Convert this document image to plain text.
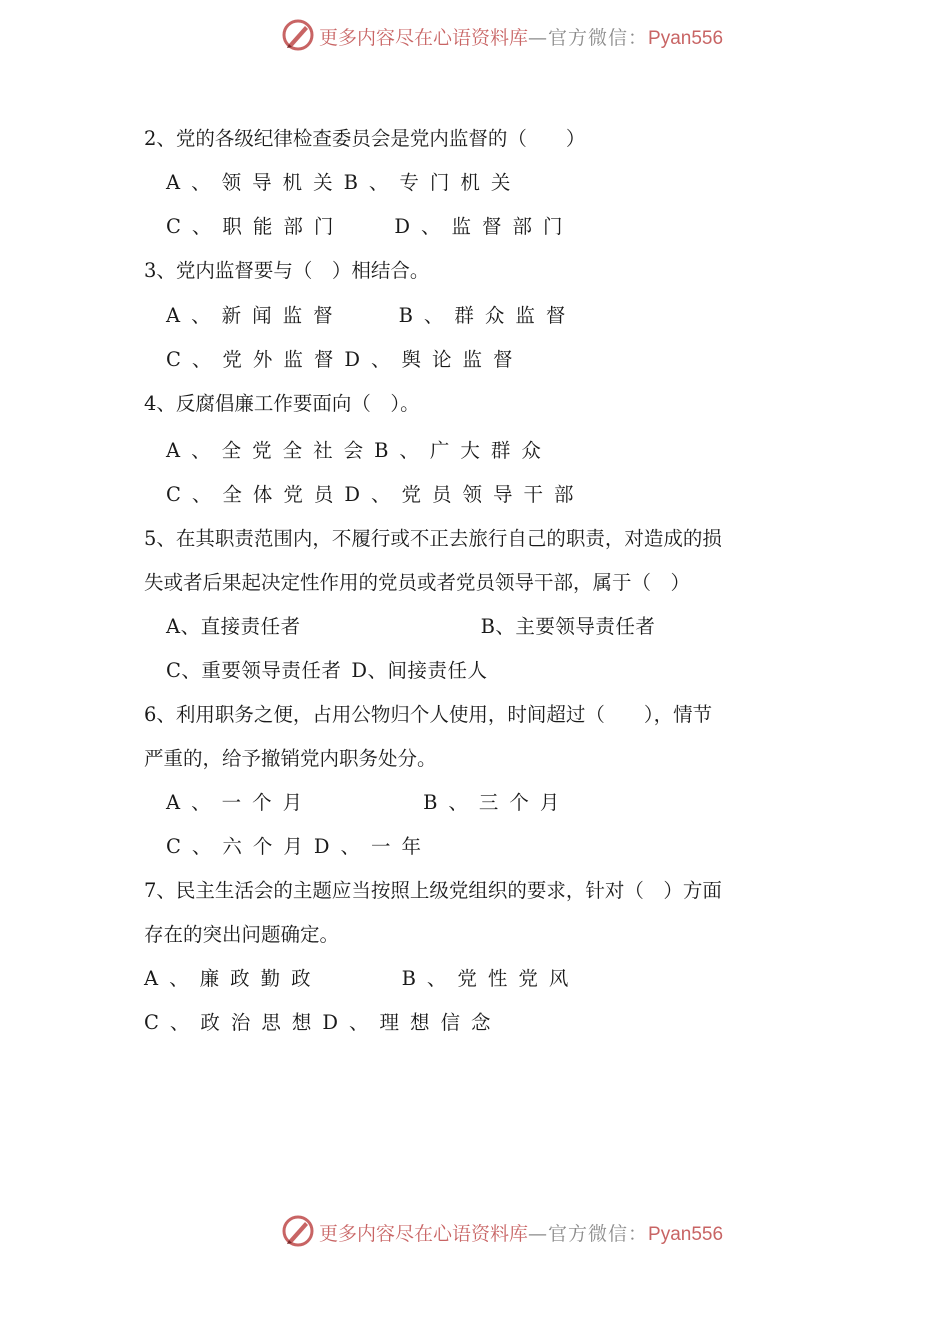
更多内容尽在心语资料库—官方微信：Pyan556
2、党的各级纪律检查委员会是党内监督的（　　）
A、领导机关B、专门机关
C、职能部门	D、监督部门
3、党内监督要与（　）相结合。
A、新闻监督	B、群众监督
C、党外监督D、舆论监督
4、反腐倡廉工作要面向（　）。
A、全党全社会B、广大群众
C、全体党员D、党员领导干部
5、在其职责范围内，不履行或不正去旅行自己的职责，对造成的损
失或者后果起决定性作用的党员或者党员领导干部，属于（　）
A、直接责任者	B、主要领导责任者
C、重要领导责任者 D、间接责任人
6、利用职务之便，占用公物归个人使用，时间超过（　　），情节
严重的，给予撤销党内职务处分。
A、一个月	B、三个月
C、六个月D、一年
7、民主生活会的主题应当按照上级党组织的要求，针对（　）方面
存在的突出问题确定。
A、廉政勤政	B、党性党风
C、政治思想D、理想信念
更多内容尽在心语资料库—官方微信：Pyan556
